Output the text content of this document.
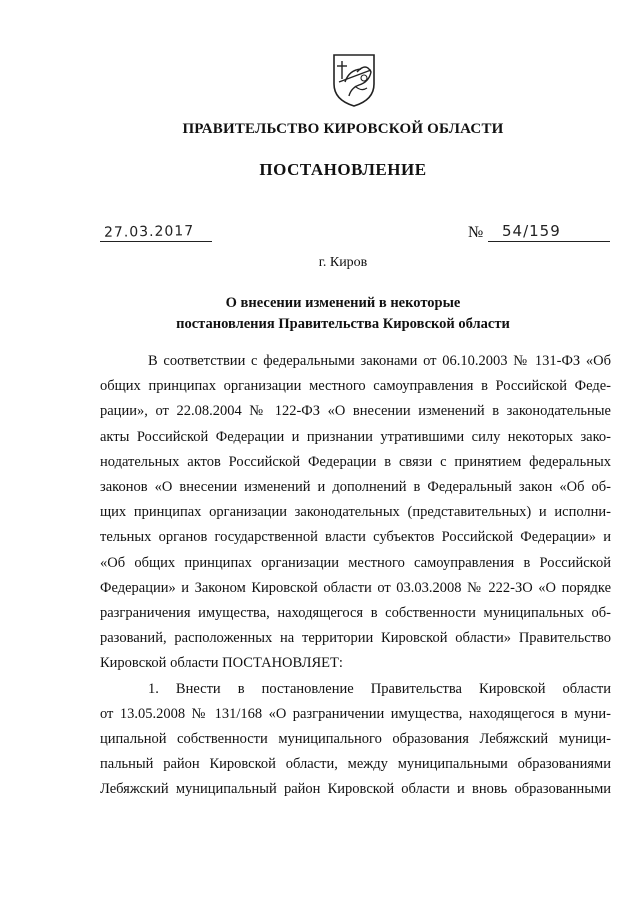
ПРАВИТЕЛЬСТВО КИРОВСКОЙ ОБЛАСТИ
ПОСТАНОВЛЕНИЕ
27.03.2017	№ 54/159
г. Киров
О внесении изменений в некоторые
постановления Правительства Кировской области

В соответствии с федеральными законами от 06.10.2003 № 131-ФЗ «Об

общих принципах организации местного самоуправления в Российской Феде-

рации», от 22.08.2004 № 122-ФЗ «О внесении изменений в законодательные

акты Российской Федерации и признании утратившими силу некоторых зако-

нодательных актов Российской Федерации в связи с принятием федеральных

законов «О внесении изменений и дополнений в Федеральный закон «Об об-

щих принципах организации законодательных (представительных) и исполни-

тельных органов государственной власти субъектов Российской Федерации» и

«Об общих принципах организации местного самоуправления в Российской

Федерации» и Законом Кировской области от 03.03.2008 № 222-ЗО «О порядке

разграничения имущества, находящегося в собственности муниципальных об-

разований, расположенных на территории Кировской области» Правительство

Кировской области ПОСТАНОВЛЯЕТ:

1. Внести в постановление Правительства Кировской области

от 13.05.2008 № 131/168 «О разграничении имущества, находящегося в муни-

ципальной собственности муниципального образования Лебяжский муници-

пальный район Кировской области, между муниципальными образованиями

Лебяжский муниципальный район Кировской области и вновь образованными
